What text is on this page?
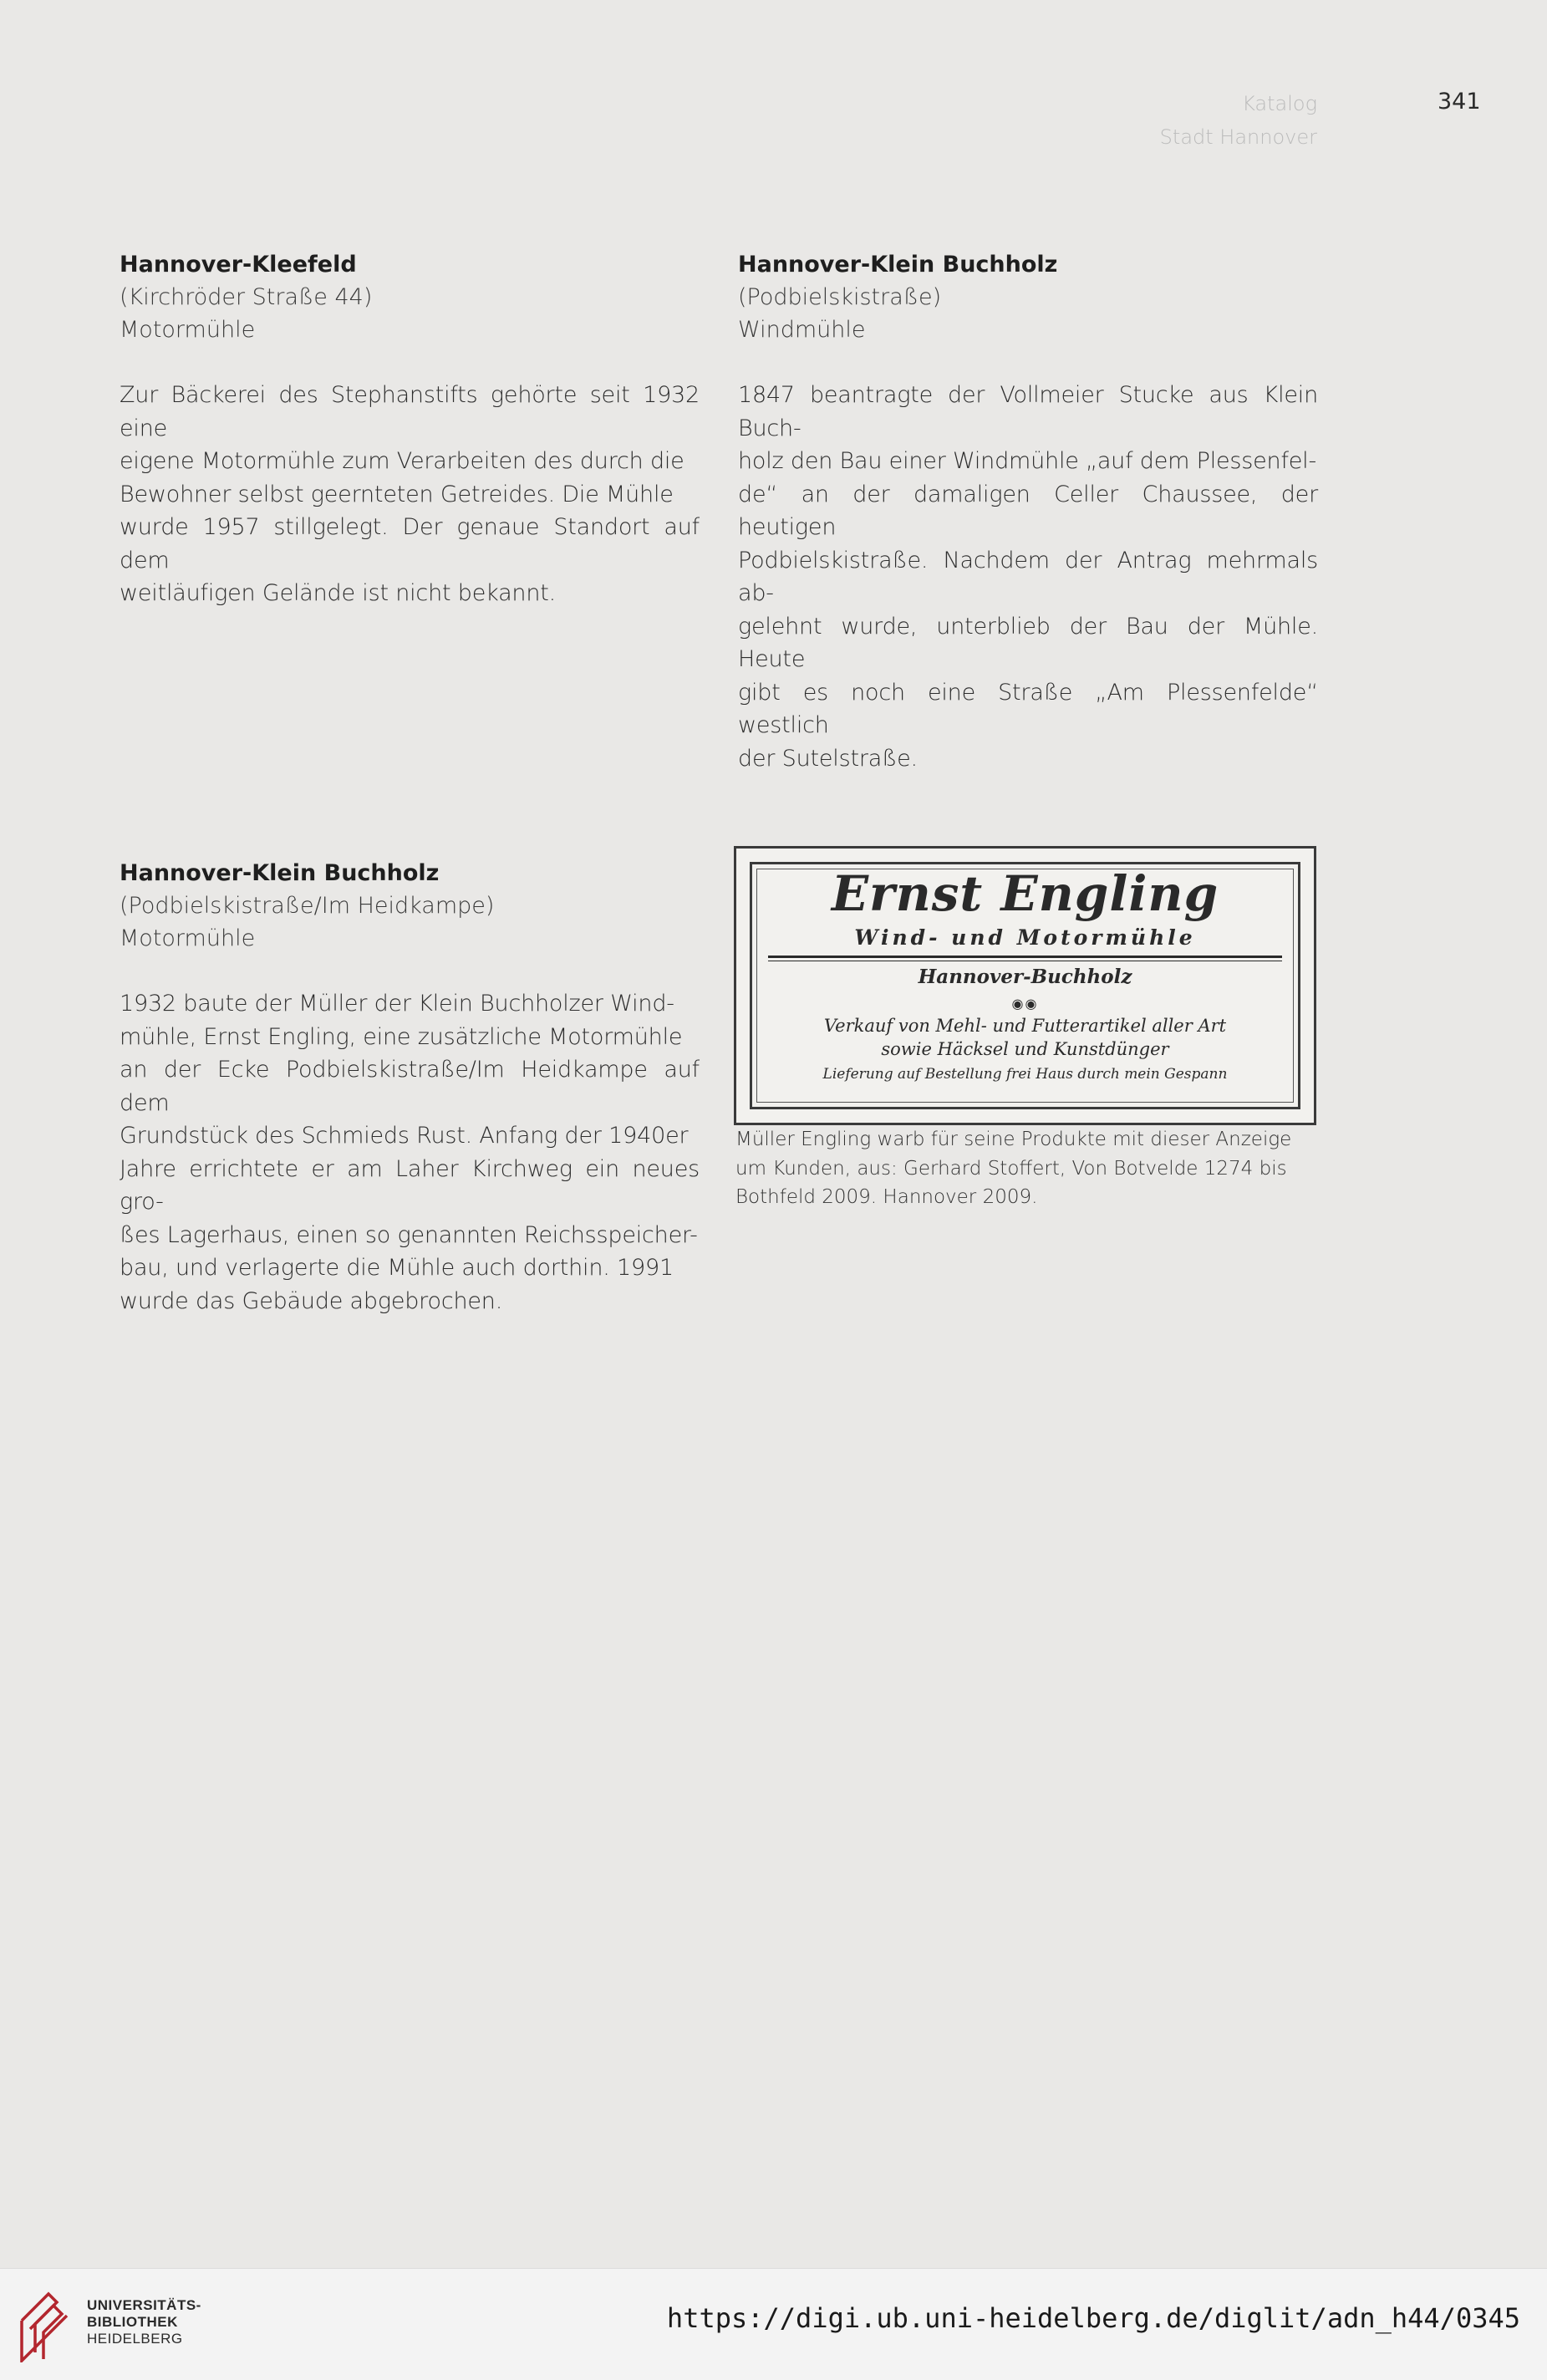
Katalog
Stadt Hannover
341
Hannover-Kleefeld
(Kirchröder Straße 44)
Motormühle
Zur Bäckerei des Stephanstifts gehörte seit 1932 eine
eigene Motormühle zum Verarbeiten des durch die
Bewohner selbst geernteten Getreides. Die Mühle
wurde 1957 stillgelegt. Der genaue Standort auf dem
weitläufigen Gelände ist nicht bekannt.
Hannover-Klein Buchholz
(Podbielskistraße)
Windmühle
1847 beantragte der Vollmeier Stucke aus Klein Buch-
holz den Bau einer Windmühle „auf dem Plessenfel-
de“ an der damaligen Celler Chaussee, der heutigen
Podbielskistraße. Nachdem der Antrag mehrmals ab-
gelehnt wurde, unterblieb der Bau der Mühle. Heute
gibt es noch eine Straße „Am Plessenfelde“ westlich
der Sutelstraße.
Hannover-Klein Buchholz
(Podbielskistraße/Im Heidkampe)
Motormühle
1932 baute der Müller der Klein Buchholzer Wind-
mühle, Ernst Engling, eine zusätzliche Motormühle
an der Ecke Podbielskistraße/Im Heidkampe auf dem
Grundstück des Schmieds Rust. Anfang der 1940er
Jahre errichtete er am Laher Kirchweg ein neues gro-
ßes Lagerhaus, einen so genannten Reichsspeicher-
bau, und verlagerte die Mühle auch dorthin. 1991
wurde das Gebäude abgebrochen.
Ernst Engling
Wind- und Motormühle
Hannover-Buchholz
◉◉
Verkauf von Mehl- und Futterartikel aller Art
sowie Häcksel und Kunstdünger
Lieferung auf Bestellung frei Haus durch mein Gespann
Müller Engling warb für seine Produkte mit dieser Anzeige
um Kunden, aus: Gerhard Stoffert, Von Botvelde 1274 bis
Bothfeld 2009. Hannover 2009.
UNIVERSITÄTS-
BIBLIOTHEK
HEIDELBERG
https://digi.ub.uni-heidelberg.de/diglit/adn_h44/0345
